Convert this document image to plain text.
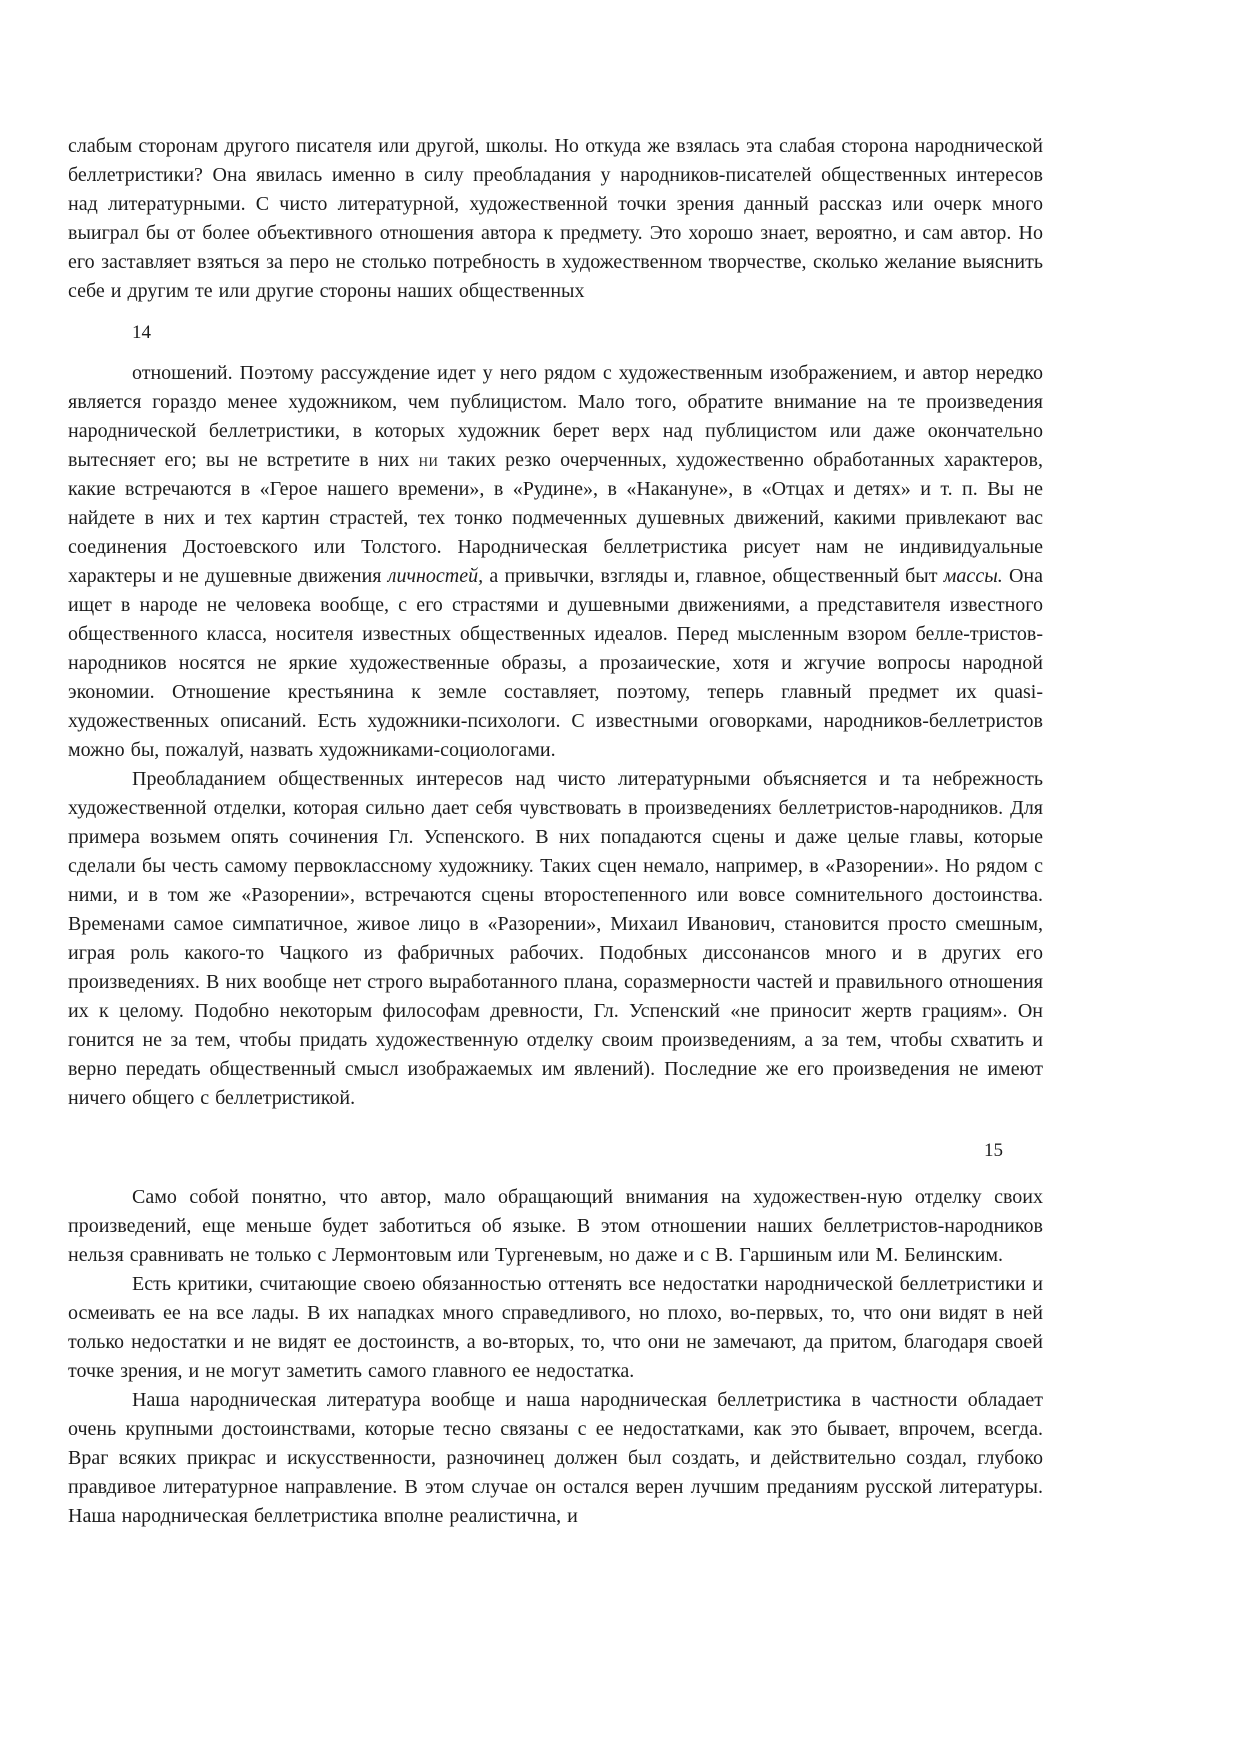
слабым сторонам другого писателя или другой, школы. Но откуда же взялась эта слабая сторона народнической беллетристики? Она явилась именно в силу преобладания у народников-писателей общественных интересов над литературными. С чисто литературной, художественной точки зрения данный рассказ или очерк много выиграл бы от более объективного отношения автора к предмету. Это хорошо знает, вероятно, и сам автор. Но его заставляет взяться за перо не столько потребность в художественном творчестве, сколько желание выяснить себе и другим те или другие стороны наших общественных

14

отношений. Поэтому рассуждение идет у него рядом с художественным изображением, и автор нередко является гораздо менее художником, чем публицистом. Мало того, обратите внимание на те произведения народнической беллетристики, в которых художник берет верх над публицистом или даже окончательно вытесняет его; вы не встретите в них ни таких резко очерченных, художественно обработанных характеров, какие встречаются в «Герое нашего времени», в «Рудине», в «Накануне», в «Отцах и детях» и т. п. Вы не найдете в них и тех картин страстей, тех тонко подмеченных душевных движений, какими привлекают вас соединения Достоевского или Толстого. Народническая беллетристика рисует нам не индивидуальные характеры и не душевные движения личностей, а привычки, взгляды и, главное, общественный быт массы. Она ищет в народе не человека вообще, с его страстями и душевными движениями, а представителя известного общественного класса, носителя известных общественных идеалов. Перед мысленным взором белле-тристов-народников носятся не яркие художественные образы, а прозаические, хотя и жгучие вопросы народной экономии. Отношение крестьянина к земле составляет, поэтому, теперь главный предмет их quasi-художественных описаний. Есть художники-психологи. С известными оговорками, народников-беллетристов можно бы, пожалуй, назвать художниками-социологами.

Преобладанием общественных интересов над чисто литературными объясняется и та небрежность художественной отделки, которая сильно дает себя чувствовать в произведениях беллетристов-народников. Для примера возьмем опять сочинения Гл. Успенского. В них попадаются сцены и даже целые главы, которые сделали бы честь самому первоклассному художнику. Таких сцен немало, например, в «Разорении». Но рядом с ними, и в том же «Разорении», встречаются сцены второстепенного или вовсе сомнительного достоинства. Временами самое симпатичное, живое лицо в «Разорении», Михаил Иванович, становится просто смешным, играя роль какого-то Чацкого из фабричных рабочих. Подобных диссонансов много и в других его произведениях. В них вообще нет строго выработанного плана, соразмерности частей и правильного отношения их к целому. Подобно некоторым философам древности, Гл. Успенский «не приносит жертв грациям». Он гонится не за тем, чтобы придать художественную отделку своим произведениям, а за тем, чтобы схватить и верно передать общественный смысл изображаемых им явлений). Последние же его произведения не имеют ничего общего с беллетристикой.

15

Само собой понятно, что автор, мало обращающий внимания на художествен-ную отделку своих произведений, еще меньше будет заботиться об языке. В этом отношении наших беллетристов-народников нельзя сравнивать не только с Лермонтовым или Тургеневым, но даже и с В. Гаршиным или М. Белинским.

Есть критики, считающие своею обязанностью оттенять все недостатки народнической беллетристики и осмеивать ее на все лады. В их нападках много справедливого, но плохо, во-первых, то, что они видят в ней только недостатки и не видят ее достоинств, а во-вторых, то, что они не замечают, да притом, благодаря своей точке зрения, и не могут заметить самого главного ее недостатка.

Наша народническая литература вообще и наша народническая беллетристика в частности обладает очень крупными достоинствами, которые тесно связаны с ее недостатками, как это бывает, впрочем, всегда. Враг всяких прикрас и искусственности, разночинец должен был создать, и действительно создал, глубоко правдивое литературное направление. В этом случае он остался верен лучшим преданиям русской литературы. Наша народническая беллетристика вполне реалистична, и
